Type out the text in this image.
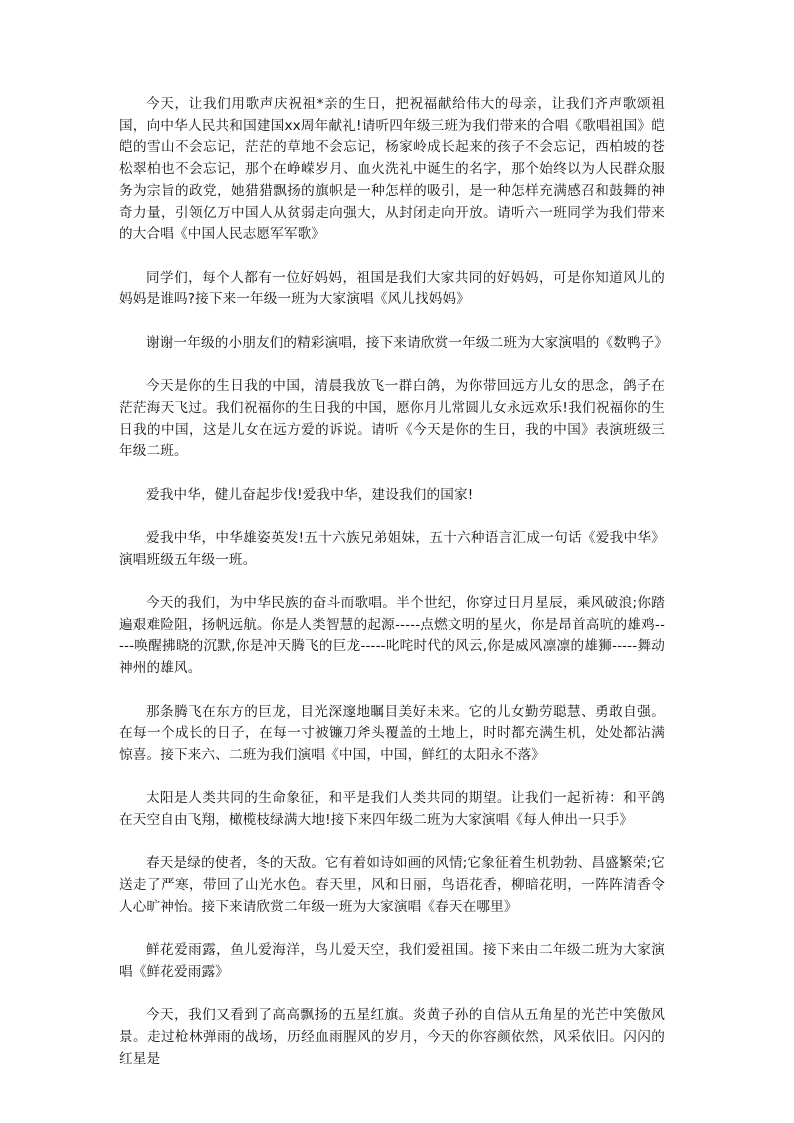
今天，让我们用歌声庆祝祖*亲的生日，把祝福献给伟大的母亲，让我们齐声歌颂祖国，向中华人民共和国建国xx周年献礼!请听四年级三班为我们带来的合唱《歌唱祖国》皑皑的雪山不会忘记，茫茫的草地不会忘记，杨家岭成长起来的孩子不会忘记，西柏坡的苍松翠柏也不会忘记，那个在峥嵘岁月、血火洗礼中诞生的名字，那个始终以为人民群众服务为宗旨的政党，她猎猎飘扬的旗帜是一种怎样的吸引，是一种怎样充满感召和鼓舞的神奇力量，引领亿万中国人从贫弱走向强大，从封闭走向开放。请听六一班同学为我们带来的大合唱《中国人民志愿军军歌》

同学们，每个人都有一位好妈妈，祖国是我们大家共同的好妈妈，可是你知道风儿的妈妈是谁吗?接下来一年级一班为大家演唱《风儿找妈妈》

谢谢一年级的小朋友们的精彩演唱，接下来请欣赏一年级二班为大家演唱的《数鸭子》

今天是你的生日我的中国，清晨我放飞一群白鸽，为你带回远方儿女的思念，鸽子在茫茫海天飞过。我们祝福你的生日我的中国，愿你月儿常圆儿女永远欢乐!我们祝福你的生日我的中国，这是儿女在远方爱的诉说。请听《今天是你的生日，我的中国》表演班级三年级二班。

爱我中华，健儿奋起步伐!爱我中华，建设我们的国家!

爱我中华，中华雄姿英发!五十六族兄弟姐妹，五十六种语言汇成一句话《爱我中华》演唱班级五年级一班。

今天的我们，为中华民族的奋斗而歌唱。半个世纪，你穿过日月星辰，乘风破浪;你踏遍艰难险阻，扬帆远航。你是人类智慧的起源-----点燃文明的星火，你是昂首高吭的雄鸡-----唤醒拂晓的沉默,你是冲天腾飞的巨龙-----叱咤时代的风云,你是威风凛凛的雄狮-----舞动神州的雄风。

那条腾飞在东方的巨龙，目光深邃地瞩目美好未来。它的儿女勤劳聪慧、勇敢自强。在每一个成长的日子，在每一寸被镰刀斧头覆盖的土地上，时时都充满生机，处处都沾满惊喜。接下来六、二班为我们演唱《中国，中国，鲜红的太阳永不落》

太阳是人类共同的生命象征，和平是我们人类共同的期望。让我们一起祈祷：和平鸽在天空自由飞翔，橄榄枝绿满大地!接下来四年级二班为大家演唱《每人伸出一只手》

春天是绿的使者，冬的天敌。它有着如诗如画的风情;它象征着生机勃勃、昌盛繁荣;它送走了严寒，带回了山光水色。春天里，风和日丽，鸟语花香，柳暗花明，一阵阵清香令人心旷神怡。接下来请欣赏二年级一班为大家演唱《春天在哪里》

鲜花爱雨露，鱼儿爱海洋，鸟儿爱天空，我们爱祖国。接下来由二年级二班为大家演唱《鲜花爱雨露》

今天，我们又看到了高高飘扬的五星红旗。炎黄子孙的自信从五角星的光芒中笑傲风景。走过枪林弹雨的战场，历经血雨腥风的岁月，今天的你容颜依然，风采依旧。闪闪的红星是
